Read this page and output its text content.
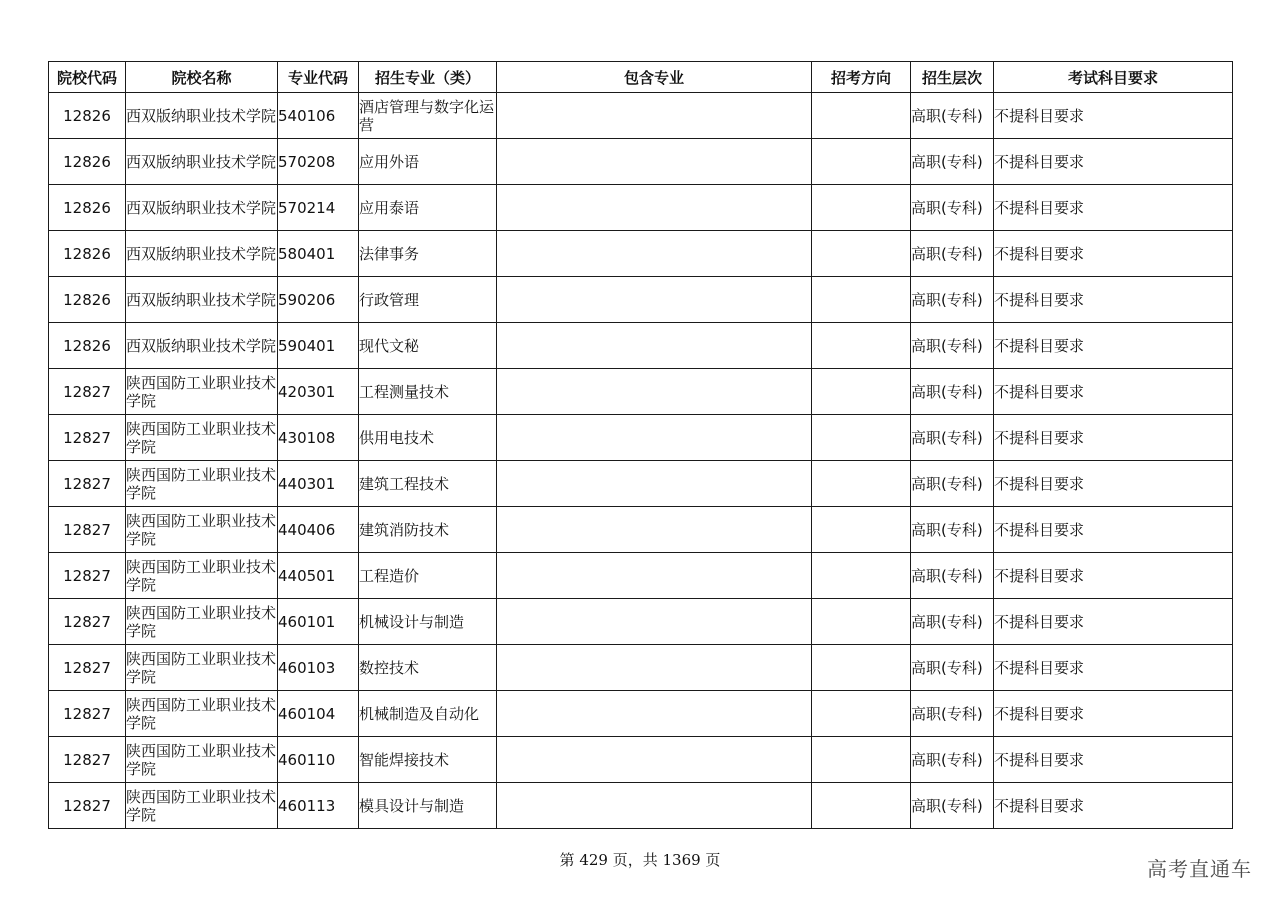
院校代码	院校名称	专业代码	招生专业（类）	包含专业	招考方向	招生层次	考试科目要求
12826	西双版纳职业技术学院	540106	酒店管理与数字化运营			高职(专科)	不提科目要求
12826	西双版纳职业技术学院	570208	应用外语			高职(专科)	不提科目要求
12826	西双版纳职业技术学院	570214	应用泰语			高职(专科)	不提科目要求
12826	西双版纳职业技术学院	580401	法律事务			高职(专科)	不提科目要求
12826	西双版纳职业技术学院	590206	行政管理			高职(专科)	不提科目要求
12826	西双版纳职业技术学院	590401	现代文秘			高职(专科)	不提科目要求
12827	陕西国防工业职业技术学院	420301	工程测量技术			高职(专科)	不提科目要求
12827	陕西国防工业职业技术学院	430108	供用电技术			高职(专科)	不提科目要求
12827	陕西国防工业职业技术学院	440301	建筑工程技术			高职(专科)	不提科目要求
12827	陕西国防工业职业技术学院	440406	建筑消防技术			高职(专科)	不提科目要求
12827	陕西国防工业职业技术学院	440501	工程造价			高职(专科)	不提科目要求
12827	陕西国防工业职业技术学院	460101	机械设计与制造			高职(专科)	不提科目要求
12827	陕西国防工业职业技术学院	460103	数控技术			高职(专科)	不提科目要求
12827	陕西国防工业职业技术学院	460104	机械制造及自动化			高职(专科)	不提科目要求
12827	陕西国防工业职业技术学院	460110	智能焊接技术			高职(专科)	不提科目要求
12827	陕西国防工业职业技术学院	460113	模具设计与制造			高职(专科)	不提科目要求
第 429 页，共 1369 页	高考直通车
